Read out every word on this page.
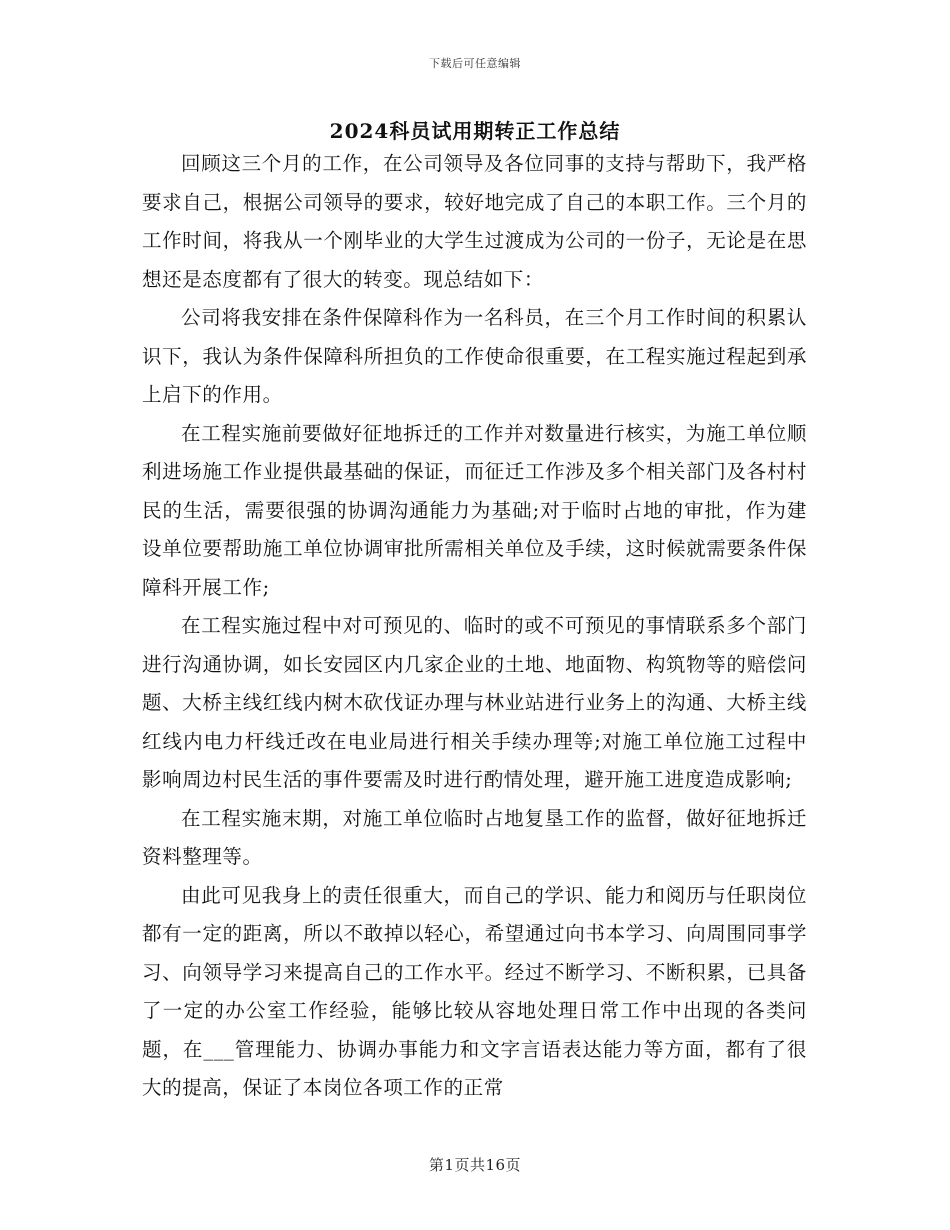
下载后可任意编辑
2024科员试用期转正工作总结

回顾这三个月的工作，在公司领导及各位同事的支持与帮助下，我严格要求自己，根据公司领导的要求，较好地完成了自己的本职工作。三个月的工作时间，将我从一个刚毕业的大学生过渡成为公司的一份子，无论是在思想还是态度都有了很大的转变。现总结如下：

公司将我安排在条件保障科作为一名科员，在三个月工作时间的积累认识下，我认为条件保障科所担负的工作使命很重要，在工程实施过程起到承上启下的作用。

在工程实施前要做好征地拆迁的工作并对数量进行核实，为施工单位顺利进场施工作业提供最基础的保证，而征迁工作涉及多个相关部门及各村村民的生活，需要很强的协调沟通能力为基础;对于临时占地的审批，作为建设单位要帮助施工单位协调审批所需相关单位及手续，这时候就需要条件保障科开展工作;

在工程实施过程中对可预见的、临时的或不可预见的事情联系多个部门进行沟通协调，如长安园区内几家企业的土地、地面物、构筑物等的赔偿问题、大桥主线红线内树木砍伐证办理与林业站进行业务上的沟通、大桥主线红线内电力杆线迁改在电业局进行相关手续办理等;对施工单位施工过程中影响周边村民生活的事件要需及时进行酌情处理，避开施工进度造成影响;

在工程实施末期，对施工单位临时占地复垦工作的监督，做好征地拆迁资料整理等。

由此可见我身上的责任很重大，而自己的学识、能力和阅历与任职岗位都有一定的距离，所以不敢掉以轻心，希望通过向书本学习、向周围同事学习、向领导学习来提高自己的工作水平。经过不断学习、不断积累，已具备了一定的办公室工作经验，能够比较从容地处理日常工作中出现的各类问题，在___管理能力、协调办事能力和文字言语表达能力等方面，都有了很大的提高，保证了本岗位各项工作的正常

第1页共16页
